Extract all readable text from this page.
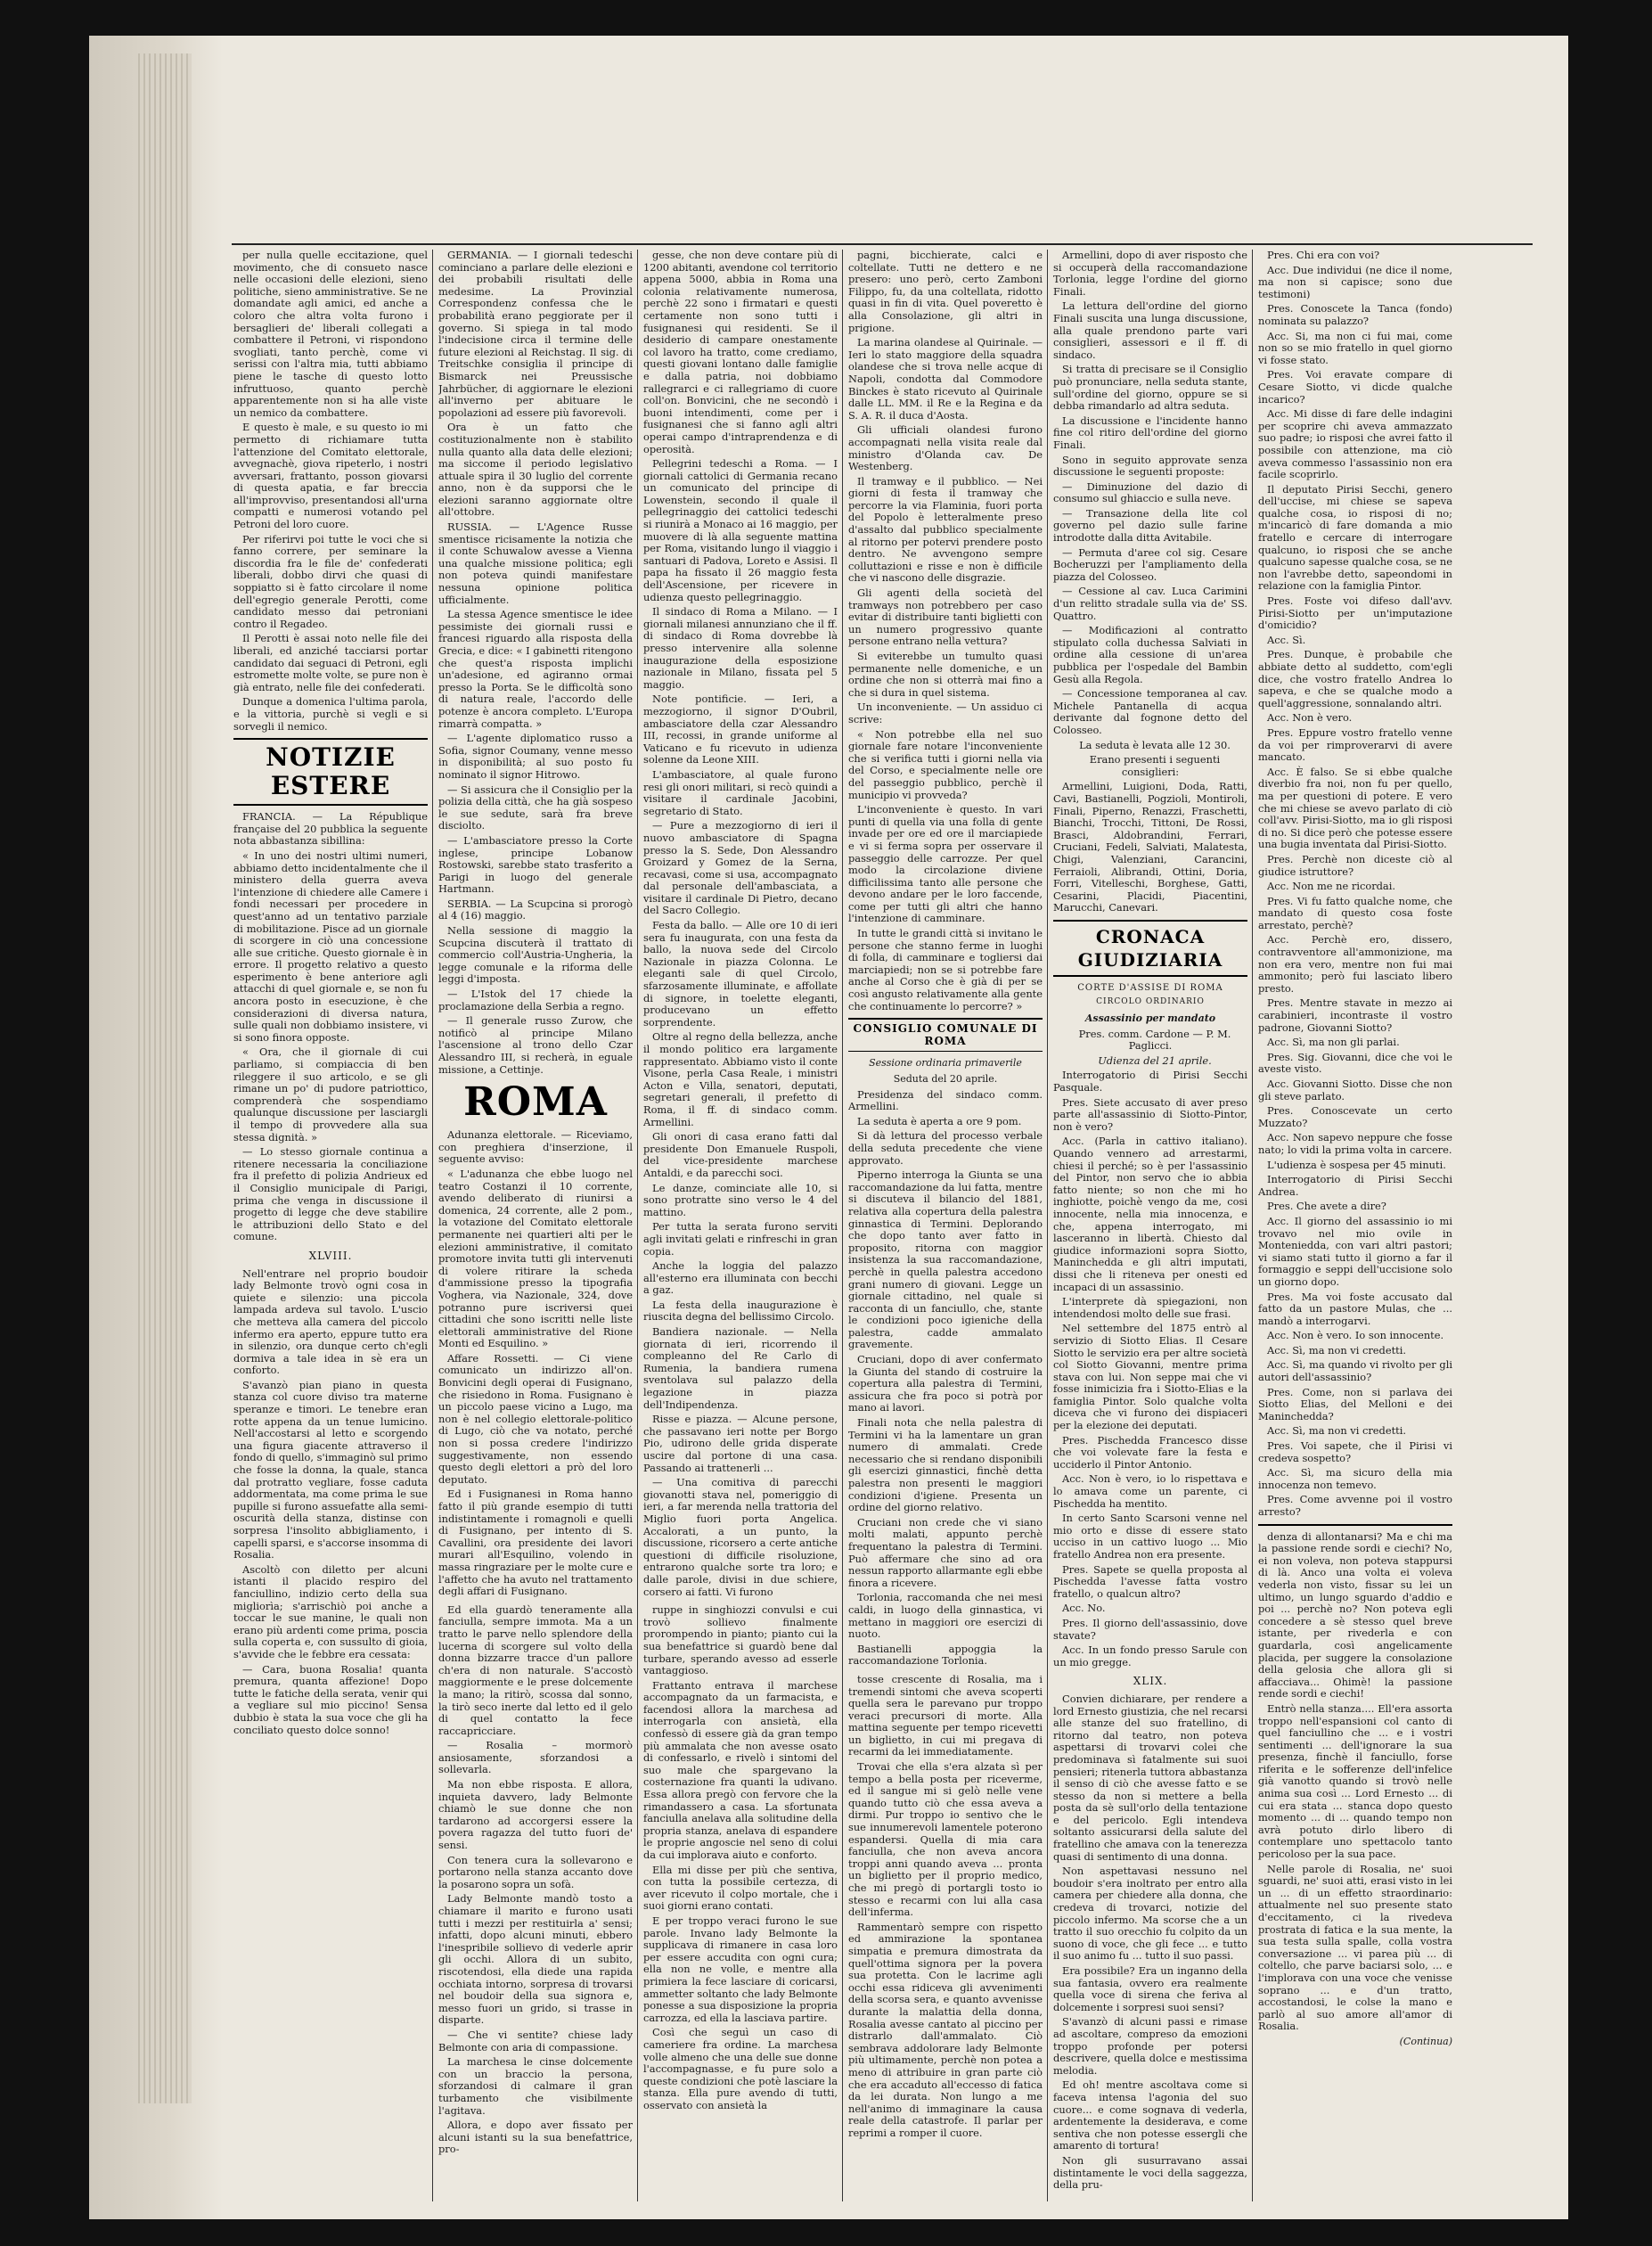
per nulla quelle eccitazione, quel movimento, che di consueto nasce nelle occasioni delle elezioni, sieno politiche, sieno amministrative. Se ne domandate agli amici, ed anche a coloro che altra volta furono i bersaglieri de' liberali collegati a combattere il Petroni, vi rispondono svogliati, tanto perchè, come vi serissi con l'altra mia, tutti abbiamo piene le tasche di questo lotto infruttuoso, quanto perchè apparentemente non si ha alle viste un nemico da combattere.

E questo è male, e su questo io mi permetto di richiamare tutta l'attenzione del Comitato elettorale, avvegnachè, giova ripeterlo, i nostri avversari, frattanto, posson giovarsi di questa apatia, e far breccia all'improvviso, presentandosi all'urna compatti e numerosi votando pel Petroni del loro cuore.

Per riferirvi poi tutte le voci che si fanno correre, per seminare la discordia fra le file de' confederati liberali, dobbo dirvi che quasi di soppiatto si è fatto circolare il nome dell'egregio generale Perotti, come candidato messo dai petroniani contro il Regadeo.

Il Perotti è assai noto nelle file dei liberali, ed anziché tacciarsi portar candidato dai seguaci di Petroni, egli estromette molte volte, se pure non è già entrato, nelle file dei confederati.

Dunque a domenica l'ultima parola, e la vittoria, purchè si vegli e si sorvegli il nemico.

NOTIZIE ESTERE

FRANCIA. — La République française del 20 pubblica la seguente nota abbastanza sibillina:

« In uno dei nostri ultimi numeri, abbiamo detto incidentalmente che il ministero della guerra aveva l'intenzione di chiedere alle Camere i fondi necessari per procedere in quest'anno ad un tentativo parziale di mobilitazione. Pisce ad un giornale di scorgere in ciò una concessione alle sue critiche. Questo giornale è in errore. Il progetto relativo a questo esperimento è bene anteriore agli attacchi di quel giornale e, se non fu ancora posto in esecuzione, è che considerazioni di diversa natura, sulle quali non dobbiamo insistere, vi si sono finora opposte.

« Ora, che il giornale di cui parliamo, si compiaccia di ben rileggere il suo articolo, e se gli rimane un po' di pudore patriottico, comprenderà che sospendiamo qualunque discussione per lasciargli il tempo di provvedere alla sua stessa dignità. »

— Lo stesso giornale continua a ritenere necessaria la conciliazione fra il prefetto di polizia Andrieux ed il Consiglio municipale di Parigi, prima che venga in discussione il progetto di legge che deve stabilire le attribuzioni dello Stato e del comune.

XLVIII.

Nell'entrare nel proprio boudoir lady Belmonte trovò ogni cosa in quiete e silenzio: una piccola lampada ardeva sul tavolo. L'uscio che metteva alla camera del piccolo infermo era aperto, eppure tutto era in silenzio, ora dunque certo ch'egli dormiva a tale idea in sè era un conforto.

S'avanzò pian piano in questa stanza col cuore diviso tra materne speranze e timori. Le tenebre eran rotte appena da un tenue lumicino. Nell'accostarsi al letto e scorgendo una figura giacente attraverso il fondo di quello, s'immaginò sul primo che fosse la donna, la quale, stanca dal protratto vegliare, fosse caduta addormentata, ma come prima le sue pupille si furono assuefatte alla semi-oscurità della stanza, distinse con sorpresa l'insolito abbigliamento, i capelli sparsi, e s'accorse insomma di Rosalia.

Ascoltò con diletto per alcuni istanti il placido respiro del fanciullino, indizio certo della sua migliorìa; s'arrischiò poi anche a toccar le sue manine, le quali non erano più ardenti come prima, poscia sulla coperta e, con sussulto di gioia, s'avvide che le febbre era cessata:

— Cara, buona Rosalia! quanta premura, quanta affezione! Dopo tutte le fatiche della serata, venir qui a vegliare sul mio piccino! Sensa dubbio è stata la sua voce che gli ha conciliato questo dolce sonno!

GERMANIA. — I giornali tedeschi cominciano a parlare delle elezioni e dei probabili risultati delle medesime. La Provinzial Correspondenz confessa che le probabilità erano peggiorate per il governo. Si spiega in tal modo l'indecisione circa il termine delle future elezioni al Reichstag. Il sig. di Treitschke consiglia il principe di Bismarck nei Preussische Jahrbücher, di aggiornare le elezioni all'inverno per abituare le popolazioni ad essere più favorevoli.

Ora è un fatto che costituzionalmente non è stabilito nulla quanto alla data delle elezioni; ma siccome il periodo legislativo attuale spira il 30 luglio del corrente anno, non è da supporsi che le elezioni saranno aggiornate oltre all'ottobre.

RUSSIA. — L'Agence Russe smentisce ricisamente la notizia che il conte Schuwalow avesse a Vienna una qualche missione politica; egli non poteva quindi manifestare nessuna opinione politica ufficialmente.

La stessa Agence smentisce le idee pessimiste dei giornali russi e francesi riguardo alla risposta della Grecia, e dice: « I gabinetti ritengono che quest'a risposta implichi un'adesione, ed agiranno ormai presso la Porta. Se le difficoltà sono di natura reale, l'accordo delle potenze è ancora completo. L'Europa rimarrà compatta. »

— L'agente diplomatico russo a Sofia, signor Coumany, venne messo in disponibilità; al suo posto fu nominato il signor Hitrowo.

— Si assicura che il Consiglio per la polizia della città, che ha già sospeso le sue sedute, sarà fra breve disciolto.

— L'ambasciatore presso la Corte inglese, principe Lobanow Rostowski, sarebbe stato trasferito a Parigi in luogo del generale Hartmann.

SERBIA. — La Scupcina si prorogò al 4 (16) maggio.

Nella sessione di maggio la Scupcina discuterà il trattato di commercio coll'Austria-Ungheria, la legge comunale e la riforma delle leggi d'imposta.

— L'Istok del 17 chiede la proclamazione della Serbia a regno.

— Il generale russo Zurow, che notificò al principe Milano l'ascensione al trono dello Czar Alessandro III, si recherà, in eguale missione, a Cettinje.

ROMA

Adunanza elettorale. — Riceviamo, con preghiera d'inserzione, il seguente avviso:

« L'adunanza che ebbe luogo nel teatro Costanzi il 10 corrente, avendo deliberato di riunirsi a domenica, 24 corrente, alle 2 pom., la votazione del Comitato elettorale permanente nei quartieri alti per le elezioni amministrative, il comitato promotore invita tutti gli intervenuti di volere ritirare la scheda d'ammissione presso la tipografia Voghera, via Nazionale, 324, dove potranno pure iscriversi quei cittadini che sono iscritti nelle liste elettorali amministrative del Rione Monti ed Esquilino. »

Affare Rossetti. — Ci viene comunicato un indirizzo all'on. Bonvicini degli operai di Fusignano, che risiedono in Roma. Fusignano è un piccolo paese vicino a Lugo, ma non è nel collegio elettorale-politico di Lugo, ciò che va notato, perché non si possa credere l'indirizzo suggestivamente, non essendo questo degli elettori a prò del loro deputato.

Ed i Fusignanesi in Roma hanno fatto il più grande esempio di tutti indistintamente i romagnoli e quelli di Fusignano, per intento di S. Cavallini, ora presidente dei lavori murari all'Esquilino, volendo in massa ringraziare per le molte cure e l'affetto che ha avuto nel trattamento degli affari di Fusignano.

Ed ella guardò teneramente alla fanciulla, sempre immota. Ma a un tratto le parve nello splendore della lucerna di scorgere sul volto della donna bizzarre tracce d'un pallore ch'era di non naturale. S'accostò maggiormente e le prese dolcemente la mano; la ritirò, scossa dal sonno, la tirò seco inerte dal letto ed il gelo di quel contatto la fece raccapricciare.

— Rosalia – mormorò ansiosamente, sforzandosi a sollevarla.

Ma non ebbe risposta. E allora, inquieta davvero, lady Belmonte chiamò le sue donne che non tardarono ad accorgersi essere la povera ragazza del tutto fuori de' sensi.

Con tenera cura la sollevarono e portarono nella stanza accanto dove la posarono sopra un sofà.

Lady Belmonte mandò tosto a chiamare il marito e furono usati tutti i mezzi per restituirla a' sensi; infatti, dopo alcuni minuti, ebbero l'inespribile sollievo di vederle aprir gli occhi. Allora di un subito, riscotendosi, ella diede una rapida occhiata intorno, sorpresa di trovarsi nel boudoir della sua signora e, messo fuori un grido, si trasse in disparte.

— Che vi sentite? chiese lady Belmonte con aria di compassione.

La marchesa le cinse dolcemente con un braccio la persona, sforzandosi di calmare il gran turbamento che visibilmente l'agitava.

Allora, e dopo aver fissato per alcuni istanti su la sua benefattrice, pro-

gesse, che non deve contare più di 1200 abitanti, avendone col territorio appena 5000, abbia in Roma una colonia relativamente numerosa, perchè 22 sono i firmatari e questi certamente non sono tutti i fusignanesi qui residenti. Se il desiderio di campare onestamente col lavoro ha tratto, come crediamo, questi giovani lontano dalle famiglie e dalla patria, noi dobbiamo rallegrarci e ci rallegriamo di cuore coll'on. Bonvicini, che ne secondò i buoni intendimenti, come per i fusignanesi che si fanno agli altri operai campo d'intraprendenza e di operosità.

Pellegrini tedeschi a Roma. — I giornali cattolici di Germania recano un comunicato del principe di Lowenstein, secondo il quale il pellegrinaggio dei cattolici tedeschi si riunirà a Monaco ai 16 maggio, per muovere di là alla seguente mattina per Roma, visitando lungo il viaggio i santuari di Padova, Loreto e Assisi. Il papa ha fissato il 26 maggio festa dell'Ascensione, per ricevere in udienza questo pellegrinaggio.

Il sindaco di Roma a Milano. — I giornali milanesi annunziano che il ff. di sindaco di Roma dovrebbe là presso intervenire alla solenne inaugurazione della esposizione nazionale in Milano, fissata pel 5 maggio.

Note pontificie. — Ieri, a mezzogiorno, il signor D'Oubril, ambasciatore della czar Alessandro III, recossi, in grande uniforme al Vaticano e fu ricevuto in udienza solenne da Leone XIII.

L'ambasciatore, al quale furono resi gli onori militari, si recò quindi a visitare il cardinale Jacobini, segretario di Stato.

— Pure a mezzogiorno di ieri il nuovo ambasciatore di Spagna presso la S. Sede, Don Alessandro Groizard y Gomez de la Serna, recavasi, come si usa, accompagnato dal personale dell'ambasciata, a visitare il cardinale Di Pietro, decano del Sacro Collegio.

Festa da ballo. — Alle ore 10 di ieri sera fu inaugurata, con una festa da ballo, la nuova sede del Circolo Nazionale in piazza Colonna. Le eleganti sale di quel Circolo, sfarzosamente illuminate, e affollate di signore, in toelette eleganti, producevano un effetto sorprendente.

Oltre al regno della bellezza, anche il mondo politico era largamente rappresentato. Abbiamo visto il conte Visone, perla Casa Reale, i ministri Acton e Villa, senatori, deputati, segretari generali, il prefetto di Roma, il ff. di sindaco comm. Armellini.

Gli onori di casa erano fatti dal presidente Don Emanuele Ruspoli, del vice-presidente marchese Antaldi, e da parecchi soci.

Le danze, cominciate alle 10, si sono protratte sino verso le 4 del mattino.

Per tutta la serata furono serviti agli invitati gelati e rinfreschi in gran copia.

Anche la loggia del palazzo all'esterno era illuminata con becchi a gaz.

La festa della inaugurazione è riuscita degna del bellissimo Circolo.

Bandiera nazionale. — Nella giornata di ieri, ricorrendo il compleanno del Re Carlo di Rumenia, la bandiera rumena sventolava sul palazzo della legazione in piazza dell'Indipendenza.

Risse e piazza. — Alcune persone, che passavano ieri notte per Borgo Pio, udirono delle grida disperate uscire dal portone di una casa. Passando ai trattenerli ...

— Una comitiva di parecchi giovanotti stava nel, pomeriggio di ieri, a far merenda nella trattoria del Miglio fuori porta Angelica. Accalorati, a un punto, la discussione, ricorsero a certe antiche questioni di difficile risoluzione, entrarono qualche sorte tra loro; e dalle parole, divisi in due schiere, corsero ai fatti. Vi furono

ruppe in singhiozzi convulsi e cui trovò sollievo finalmente prorompendo in pianto; pianto cui la sua benefattrice si guardò bene dal turbare, sperando avesso ad esserle vantaggioso.

Frattanto entrava il marchese accompagnato da un farmacista, e facendosi allora la marchesa ad interrogarla con ansietà, ella confessò di essere già da gran tempo più ammalata che non avesse osato di confessarlo, e rivelò i sintomi del suo male che spargevano la costernazione fra quanti la udivano. Essa allora pregò con fervore che la rimandassero a casa. La sfortunata fanciulla anelava alla solitudine della propria stanza, anelava di espandere le proprie angoscie nel seno di colui da cui implorava aiuto e conforto.

Ella mi disse per più che sentiva, con tutta la possibile certezza, di aver ricevuto il colpo mortale, che i suoi giorni erano contati.

E per troppo veraci furono le sue parole. Invano lady Belmonte la supplicava di rimanere in casa loro per essere accudita con ogni cura; ella non ne volle, e mentre alla primiera la fece lasciare di coricarsi, ammetter soltanto che lady Belmonte ponesse a sua disposizione la propria carrozza, ed ella la lasciava partire.

Così che seguì un caso di cameriere fra ordine. La marchesa volle almeno che una delle sue donne l'accompagnasse, e fu pure solo a queste condizioni che potè lasciare la stanza. Ella pure avendo di tutti, osservato con ansietà la

pagni, bicchierate, calci e coltellate. Tutti ne dettero e ne presero: uno però, certo Zamboni Filippo, fu, da una coltellata, ridotto quasi in fin di vita. Quel poveretto è alla Consolazione, gli altri in prigione.

La marina olandese al Quirinale. — Ieri lo stato maggiore della squadra olandese che si trova nelle acque di Napoli, condotta dal Commodore Binckes è stato ricevuto al Quirinale dalle LL. MM. il Re e la Regina e da S. A. R. il duca d'Aosta.

Gli ufficiali olandesi furono accompagnati nella visita reale dal ministro d'Olanda cav. De Westenberg.

Il tramway e il pubblico. — Nei giorni di festa il tramway che percorre la via Flaminia, fuori porta del Popolo è letteralmente preso d'assalto dal pubblico specialmente al ritorno per potervi prendere posto dentro. Ne avvengono sempre colluttazioni e risse e non è difficile che vi nascono delle disgrazie.

Gli agenti della società del tramways non potrebbero per caso evitar di distribuire tanti biglietti con un numero progressivo quante persone entrano nella vettura?

Si eviterebbe un tumulto quasi permanente nelle domeniche, e un ordine che non si otterrà mai fino a che si dura in quel sistema.

Un inconveniente. — Un assiduo ci scrive:

« Non potrebbe ella nel suo giornale fare notare l'inconveniente che si verifica tutti i giorni nella via del Corso, e specialmente nelle ore del passeggio pubblico, perchè il municipio vi provveda?

L'inconveniente è questo. In vari punti di quella via una folla di gente invade per ore ed ore il marciapiede e vi si ferma sopra per osservare il passeggio delle carrozze. Per quel modo la circolazione diviene difficilissima tanto alle persone che devono andare per le loro faccende, come per tutti gli altri che hanno l'intenzione di camminare.

In tutte le grandi città si invitano le persone che stanno ferme in luoghi di folla, di camminare e togliersi dai marciapiedi; non se si potrebbe fare anche al Corso che è già di per se così angusto relativamente alla gente che continuamente lo percorre? »

CONSIGLIO COMUNALE DI ROMA
Sessione ordinaria primaverile
Seduta del 20 aprile.

Presidenza del sindaco comm. Armellini.

La seduta è aperta a ore 9 pom.

Si dà lettura del processo verbale della seduta precedente che viene approvato.

Piperno interroga la Giunta se una raccomandazione da lui fatta, mentre si discuteva il bilancio del 1881, relativa alla copertura della palestra ginnastica di Termini. Deplorando che dopo tanto aver fatto in proposito, ritorna con maggior insistenza la sua raccomandazione, perchè in quella palestra accedono grani numero di giovani. Legge un giornale cittadino, nel quale si racconta di un fanciullo, che, stante le condizioni poco igieniche della palestra, cadde ammalato gravemente.

Cruciani, dopo di aver confermato la Giunta del stando di costruire la copertura alla palestra di Termini, assicura che fra poco si potrà por mano ai lavori.

Finali nota che nella palestra di Termini vi ha la lamentare un gran numero di ammalati. Crede necessario che si rendano disponibili gli esercizi ginnastici, finchè detta palestra non presenti le maggiori condizioni d'igiene. Presenta un ordine del giorno relativo.

Cruciani non crede che vi siano molti malati, appunto perchè frequentano la palestra di Termini. Può affermare che sino ad ora nessun rapporto allarmante egli ebbe finora a ricevere.

Torlonia, raccomanda che nei mesi caldi, in luogo della ginnastica, vi mettano in maggiori ore esercizi di nuoto.

Bastianelli appoggia la raccomandazione Torlonia.

tosse crescente di Rosalia, ma i tremendi sintomi che aveva scoperti quella sera le parevano pur troppo veraci precursori di morte. Alla mattina seguente per tempo ricevetti un biglietto, in cui mi pregava di recarmi da lei immediatamente.

Trovai che ella s'era alzata sì per tempo a bella posta per riceverme, ed il sangue mi si gelò nelle vene quando tutto ciò che essa aveva a dirmi. Pur troppo io sentivo che le sue innumerevoli lamentele poterono espandersi. Quella di mia cara fanciulla, che non aveva ancora troppi anni quando aveva ... pronta un biglietto per il proprio medico, che mi pregò di portargli tosto io stesso e recarmi con lui alla casa dell'inferma.

Rammentarò sempre con rispetto ed ammirazione la spontanea simpatia e premura dimostrata da quell'ottima signora per la povera sua protetta. Con le lacrime agli occhi essa ridiceva gli avvenimenti della scorsa sera, e quanto avvenisse durante la malattia della donna, Rosalia avesse cantato al piccino per distrarlo dall'ammalato. Ciò sembrava addolorare lady Belmonte più ultimamente, perchè non potea a meno di attribuire in gran parte ciò che era accaduto all'eccesso di fatica da lei durata. Non lungo a me nell'animo di immaginare la causa reale della catastrofe. Il parlar per reprimi a romper il cuore.

Armellini, dopo di aver risposto che si occuperà della raccomandazione Torlonia, legge l'ordine del giorno Finali.

La lettura dell'ordine del giorno Finali suscita una lunga discussione, alla quale prendono parte vari consiglieri, assessori e il ff. di sindaco.

Si tratta di precisare se il Consiglio può pronunciare, nella seduta stante, sull'ordine del giorno, oppure se si debba rimandarlo ad altra seduta.

La discussione e l'incidente hanno fine col ritiro dell'ordine del giorno Finali.

Sono in seguito approvate senza discussione le seguenti proposte:

— Diminuzione del dazio di consumo sul ghiaccio e sulla neve.

— Transazione della lite col governo pel dazio sulle farine introdotte dalla ditta Avitabile.

— Permuta d'aree col sig. Cesare Bocheruzzi per l'ampliamento della piazza del Colosseo.

— Cessione al cav. Luca Carimini d'un relitto stradale sulla via de' SS. Quattro.

— Modificazioni al contratto stipulato colla duchessa Salviati in ordine alla cessione di un'area pubblica per l'ospedale del Bambin Gesù alla Regola.

— Concessione temporanea al cav. Michele Pantanella di acqua derivante dal fognone detto del Colosseo.

La seduta è levata alle 12 30.

Erano presenti i seguenti consiglieri:

Armellini, Luigioni, Doda, Ratti, Cavi, Bastianelli, Pogzioli, Montiroli, Finali, Piperno, Renazzi, Fraschetti, Bianchi, Trocchi, Tittoni, De Rossi, Brasci, Aldobrandini, Ferrari, Cruciani, Fedeli, Salviati, Malatesta, Chigi, Valenziani, Carancini, Ferraioli, Alibrandi, Ottini, Doria, Forri, Vitelleschi, Borghese, Gatti, Cesarini, Placidi, Piacentini, Marucchi, Canevari.

CRONACA GIUDIZIARIA
CORTE D'ASSISE DI ROMA
CIRCOLO ORDINARIO
Assassinio per mandato

Pres. comm. Cardone — P. M. Paglicci.

Udienza del 21 aprile.

Interrogatorio di Pirisi Secchi Pasquale.

Pres. Siete accusato di aver preso parte all'assassinio di Siotto-Pintor, non è vero?

Acc. (Parla in cattivo italiano). Quando vennero ad arrestarmi, chiesi il perché; so è per l'assassinio del Pintor, non servo che io abbia fatto niente; so non che mi ho inghiotte, poichè vengo da me, cosi innocente, nella mia innocenza, e che, appena interrogato, mi lasceranno in libertà. Chiesto dal giudice informazioni sopra Siotto, Maninchedda e gli altri imputati, dissi che li riteneva per onesti ed incapaci di un assassinio.

L'interprete dà spiegazioni, non intendendosi molto delle sue frasi.

Nel settembre del 1875 entrò al servizio di Siotto Elias. Il Cesare Siotto le servizio era per altre società col Siotto Giovanni, mentre prima stava con lui. Non seppe mai che vi fosse inimicizia fra i Siotto-Elias e la famiglia Pintor. Solo qualche volta diceva che vi furono dei dispiaceri per la elezione dei deputati.

Pres. Pischedda Francesco disse che voi volevate fare la festa e ucciderlo il Pintor Antonio.

Acc. Non è vero, io lo rispettava e lo amava come un parente, ci Pischedda ha mentito.

In certo Santo Scarsoni venne nel mio orto e disse di essere stato ucciso in un cattivo luogo ... Mio fratello Andrea non era presente.

Pres. Sapete se quella proposta al Pischedda l'avesse fatta vostro fratello, o qualcun altro?

Acc. No.

Pres. Il giorno dell'assassinio, dove stavate?

Acc. In un fondo presso Sarule con un mio gregge.

XLIX.

Convien dichiarare, per rendere a lord Ernesto giustizia, che nel recarsi alle stanze del suo fratellino, di ritorno dal teatro, non poteva aspettarsi di trovarvi colei che predominava sì fatalmente sui suoi pensieri; ritenerla tuttora abbastanza il senso di ciò che avesse fatto e se stesso da non si mettere a bella posta da sè sull'orlo della tentazione e del pericolo. Egli intendeva soltanto assicurarsi della salute del fratellino che amava con la tenerezza quasi di sentimento di una donna.

Non aspettavasi nessuno nel boudoir s'era inoltrato per entro alla camera per chiedere alla donna, che credeva di trovarci, notizie del piccolo infermo. Ma scorse che a un tratto il suo orecchio fu colpito da un suono di voce, che gli fece ... e tutto il suo animo fu ... tutto il suo passi.

Era possibile? Era un inganno della sua fantasia, ovvero era realmente quella voce di sirena che feriva al dolcemente i sorpresi suoi sensi?

S'avanzò di alcuni passi e rimase ad ascoltare, compreso da emozioni troppo profonde per potersi descrivere, quella dolce e mestissima melodia.

Ed oh! mentre ascoltava come si faceva intensa l'agonia del suo cuore... e come sognava di vederla, ardentemente la desiderava, e come sentiva che non potesse essergli che amarento di tortura!

Non gli susurravano assai distintamente le voci della saggezza, della pru-

Pres. Chi era con voi?

Acc. Due individui (ne dice il nome, ma non si capisce; sono due testimoni)

Pres. Conoscete la Tanca (fondo) nominata su palazzo?

Acc. Si, ma non ci fui mai, come non so se mio fratello in quel giorno vi fosse stato.

Pres. Voi eravate compare di Cesare Siotto, vi dicde qualche incarico?

Acc. Mi disse di fare delle indagini per scoprire chi aveva ammazzato suo padre; io risposi che avrei fatto il possibile con attenzione, ma ciò aveva commesso l'assassinio non era facile scoprirlo.

Il deputato Pirisi Secchi, genero dell'uccise, mi chiese se sapeva qualche cosa, io risposi di no; m'incaricò di fare domanda a mio fratello e cercare di interrogare qualcuno, io risposi che se anche qualcuno sapesse qualche cosa, se ne non l'avrebbe detto, sapeondomi in relazione con la famiglia Pintor.

Pres. Foste voi difeso dall'avv. Pirisi-Siotto per un'imputazione d'omicidio?

Acc. Sì.

Pres. Dunque, è probabile che abbiate detto al suddetto, com'egli dice, che vostro fratello Andrea lo sapeva, e che se qualche modo a quell'aggressione, sonnalando altri.

Acc. Non è vero.

Pres. Eppure vostro fratello venne da voi per rimproverarvi di avere mancato.

Acc. È falso. Se si ebbe qualche diverbio fra noi, non fu per quello, ma per questioni di potere. E vero che mi chiese se avevo parlato di ciò coll'avv. Pirisi-Siotto, ma io gli risposi di no. Si dice però che potesse essere una bugia inventata dal Pirisi-Siotto.

Pres. Perchè non diceste ciò al giudice istruttore?

Acc. Non me ne ricordai.

Pres. Vi fu fatto qualche nome, che mandato di questo cosa foste arrestato, perchè?

Acc. Perchè ero, dissero, contravventore all'ammonizione, ma non era vero, mentre non fui mai ammonito; però fui lasciato libero presto.

Pres. Mentre stavate in mezzo ai carabinieri, incontraste il vostro padrone, Giovanni Siotto?

Acc. Sì, ma non gli parlai.

Pres. Sig. Giovanni, dice che voi le aveste visto.

Acc. Giovanni Siotto. Disse che non gli steve parlato.

Pres. Conoscevate un certo Muzzato?

Acc. Non sapevo neppure che fosse nato; lo vidi la prima volta in carcere.

L'udienza è sospesa per 45 minuti.

Interrogatorio di Pirisi Secchi Andrea.

Pres. Che avete a dire?

Acc. Il giorno del assassinio io mi trovavo nel mio ovile in Monteniedda, con vari altri pastori; vi siamo stati tutto il giorno a far il formaggio e seppi dell'uccisione solo un giorno dopo.

Pres. Ma voi foste accusato dal fatto da un pastore Mulas, che ... mandò a interrogarvi.

Acc. Non è vero. Io son innocente.

Acc. Sì, ma non vi credetti.

Acc. Sì, ma quando vi rivolto per gli autori dell'assassinio?

Pres. Come, non si parlava dei Siotto Elias, del Melloni e dei Maninchedda?

Acc. Sì, ma non vi credetti.

Pres. Voi sapete, che il Pirisi vi credeva sospetto?

Acc. Sì, ma sicuro della mia innocenza non temevo.

Pres. Come avvenne poi il vostro arresto?

denza di allontanarsi? Ma e chi ma la passione rende sordi e ciechi? No, ei non voleva, non poteva stappursi di là. Anco una volta ei voleva vederla non visto, fissar su lei un ultimo, un lungo sguardo d'addio e poi ... perchè no? Non poteva egli concedere a sè stesso quel breve istante, per rivederla e con guardarla, così angelicamente placida, per suggere la consolazione della gelosia che allora gli si affacciava... Ohimè! la passione rende sordi e ciechi!

Entrò nella stanza.... Ell'era assorta troppo nell'espansioni col canto di quel fanciullino che ... e i vostri sentimenti ... dell'ignorare la sua presenza, finchè il fanciullo, forse riferita e le sofferenze dell'infelice già vanotto quando si trovò nelle anima sua così ... Lord Ernesto ... di cui era stata ... stanca dopo questo momento ... di ... quando tempo non avrà potuto dirlo libero di contemplare uno spettacolo tanto pericoloso per la sua pace.

Nelle parole di Rosalia, ne' suoi sguardi, ne' suoi atti, erasi visto in lei un ... di un effetto straordinario: attualmente nel suo presente stato d'eccitamento, ci la rivedeva prostrata di fatica e la sua mente, la sua testa sulla spalle, colla vostra conversazione ... vi parea più ... di coltello, che parve baciarsi solo, ... e l'implorava con una voce che venisse soprano ... e d'un tratto, accostandosi, le colse la mano e parlò al suo amore all'amor di Rosalia.

(Continua)
